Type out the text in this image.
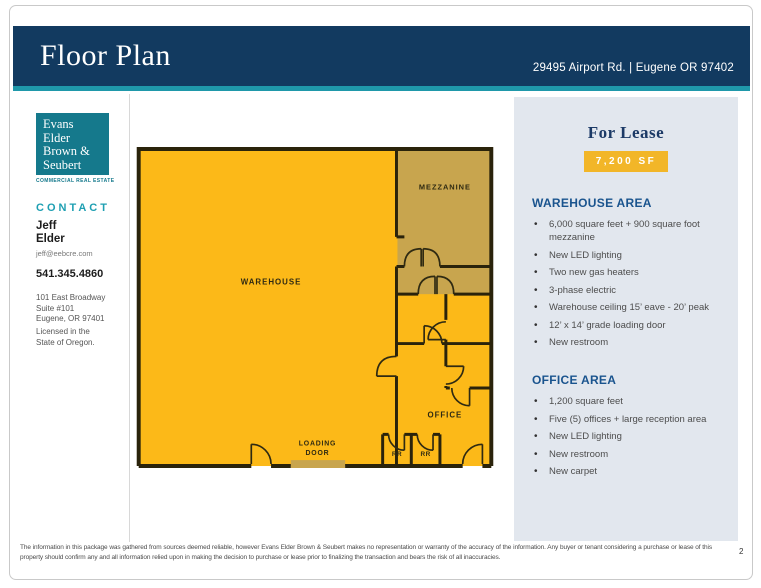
Floor Plan	29495 Airport Rd. | Eugene OR 97402
Evans
Elder
Brown &
Seubert
COMMERCIAL REAL ESTATE
CONTACT
Jeff
Elder
jeff@eebcre.com
541.345.4860
101 East Broadway
Suite #101
Eugene, OR 97401
Licensed in the
State of Oregon.
WAREHOUSE
MEZZANINE
OFFICE
LOADING
DOOR	RR	RR
For Lease
7,200 SF
WAREHOUSE AREA
• 6,000 square feet + 900 square foot mezzanine
• New LED lighting
• Two new gas heaters
• 3-phase electric
• Warehouse ceiling 15’ eave - 20’ peak
• 12’ x 14’ grade loading door
• New restroom
OFFICE AREA
• 1,200 square feet
• Five (5) offices + large reception area
• New LED lighting
• New restroom
• New carpet
The information in this package was gathered from sources deemed reliable, however Evans Elder Brown & Seubert makes no representation or warranty of the accuracy of the information. Any buyer or tenant considering a purchase or lease of this property should confirm any and all information relied upon in making the decision to purchase or lease prior to finalizing the transaction and bears the risk of all inaccuracies.
2
